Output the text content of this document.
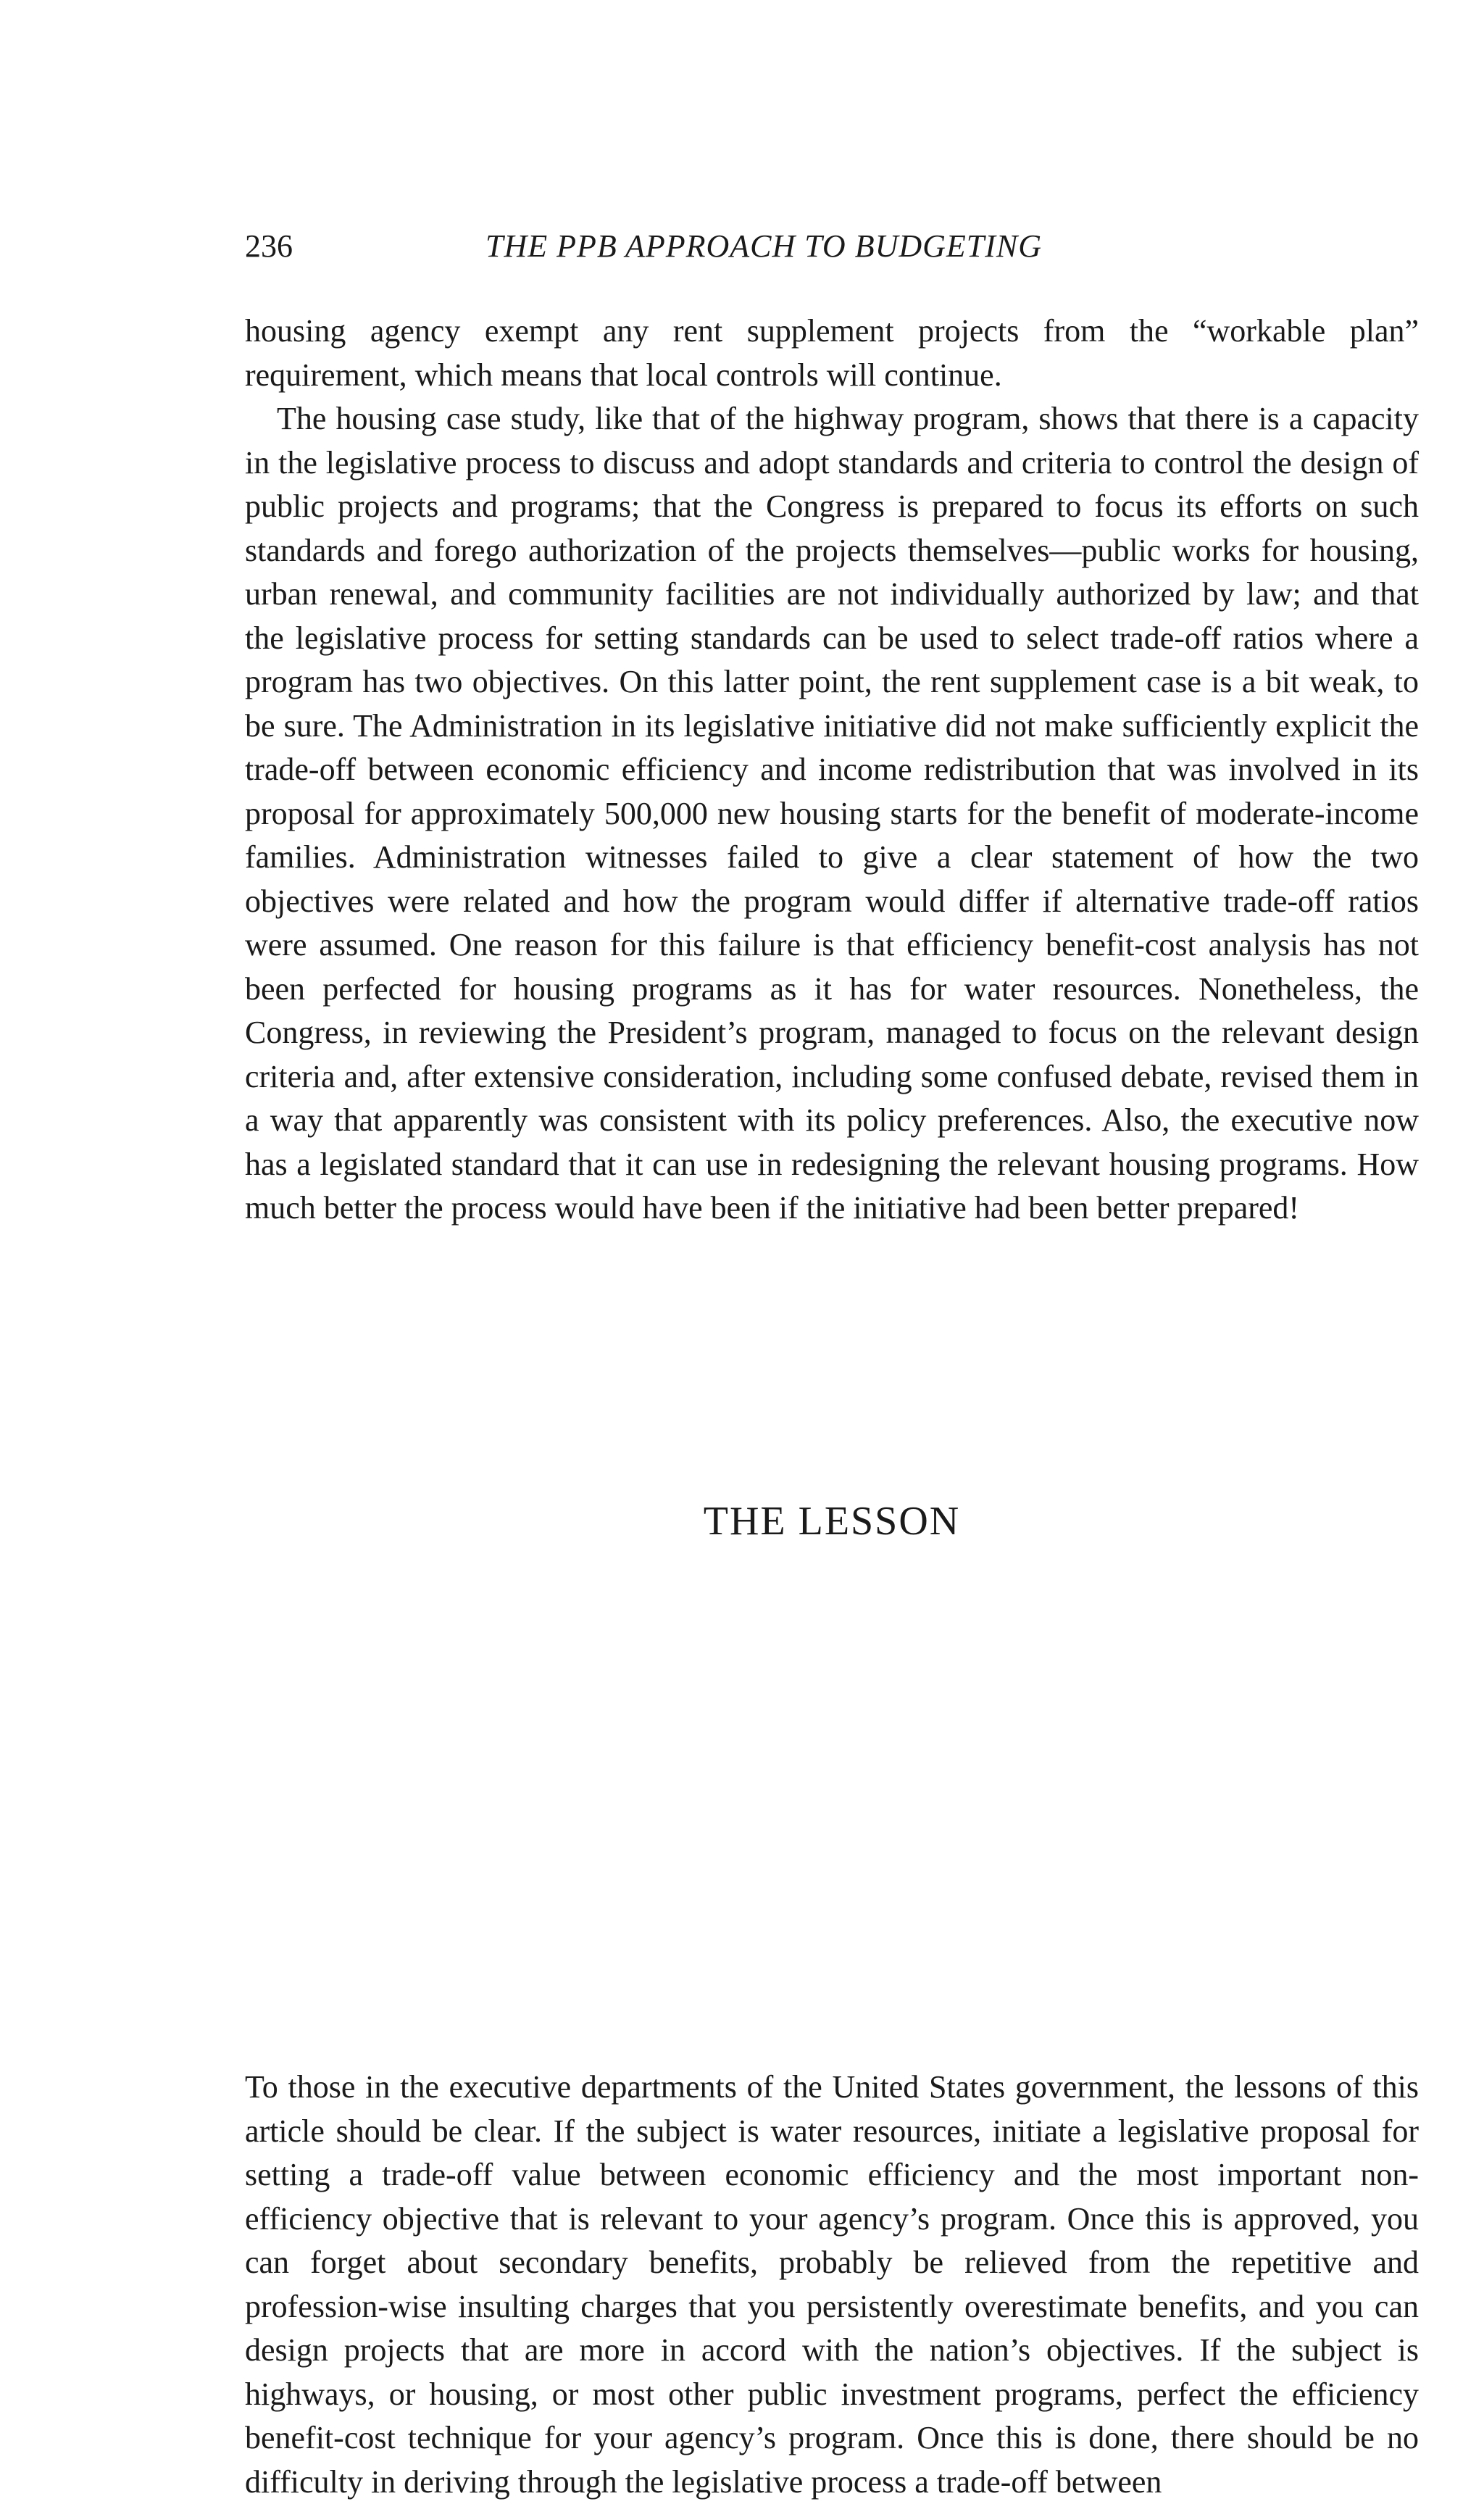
236	THE PPB APPROACH TO BUDGETING

housing agency exempt any rent supplement projects from the “workable plan” requirement, which means that local controls will continue.

The housing case study, like that of the highway program, shows that there is a capacity in the legislative process to discuss and adopt standards and criteria to control the design of public projects and programs; that the Congress is prepared to focus its efforts on such standards and forego authorization of the projects themselves—public works for housing, urban renewal, and community facilities are not individually authorized by law; and that the legislative process for setting standards can be used to select trade-off ratios where a program has two objectives. On this latter point, the rent supplement case is a bit weak, to be sure. The Administration in its legislative initiative did not make sufficiently explicit the trade-off between economic efficiency and income redistribution that was involved in its proposal for approximately 500,000 new housing starts for the benefit of moderate-income families. Administration witnesses failed to give a clear statement of how the two objectives were related and how the program would differ if alternative trade-off ratios were assumed. One reason for this failure is that efficiency benefit-cost analysis has not been perfected for housing programs as it has for water resources. Nonetheless, the Congress, in reviewing the President’s program, managed to focus on the relevant design criteria and, after extensive consideration, including some confused debate, revised them in a way that apparently was consistent with its policy preferences. Also, the executive now has a legislated standard that it can use in redesigning the relevant housing programs. How much better the process would have been if the initiative had been better prepared!

THE LESSON

To those in the executive departments of the United States government, the lessons of this article should be clear. If the subject is water resources, initiate a legislative proposal for setting a trade-off value between economic efficiency and the most important non-efficiency objective that is relevant to your agency’s program. Once this is approved, you can forget about secondary benefits, probably be relieved from the repetitive and profession-wise insulting charges that you persistently overestimate benefits, and you can design projects that are more in accord with the nation’s objectives. If the subject is highways, or housing, or most other public investment programs, perfect the efficiency benefit-cost technique for your agency’s program. Once this is done, there should be no difficulty in deriving through the legislative process a trade-off between
